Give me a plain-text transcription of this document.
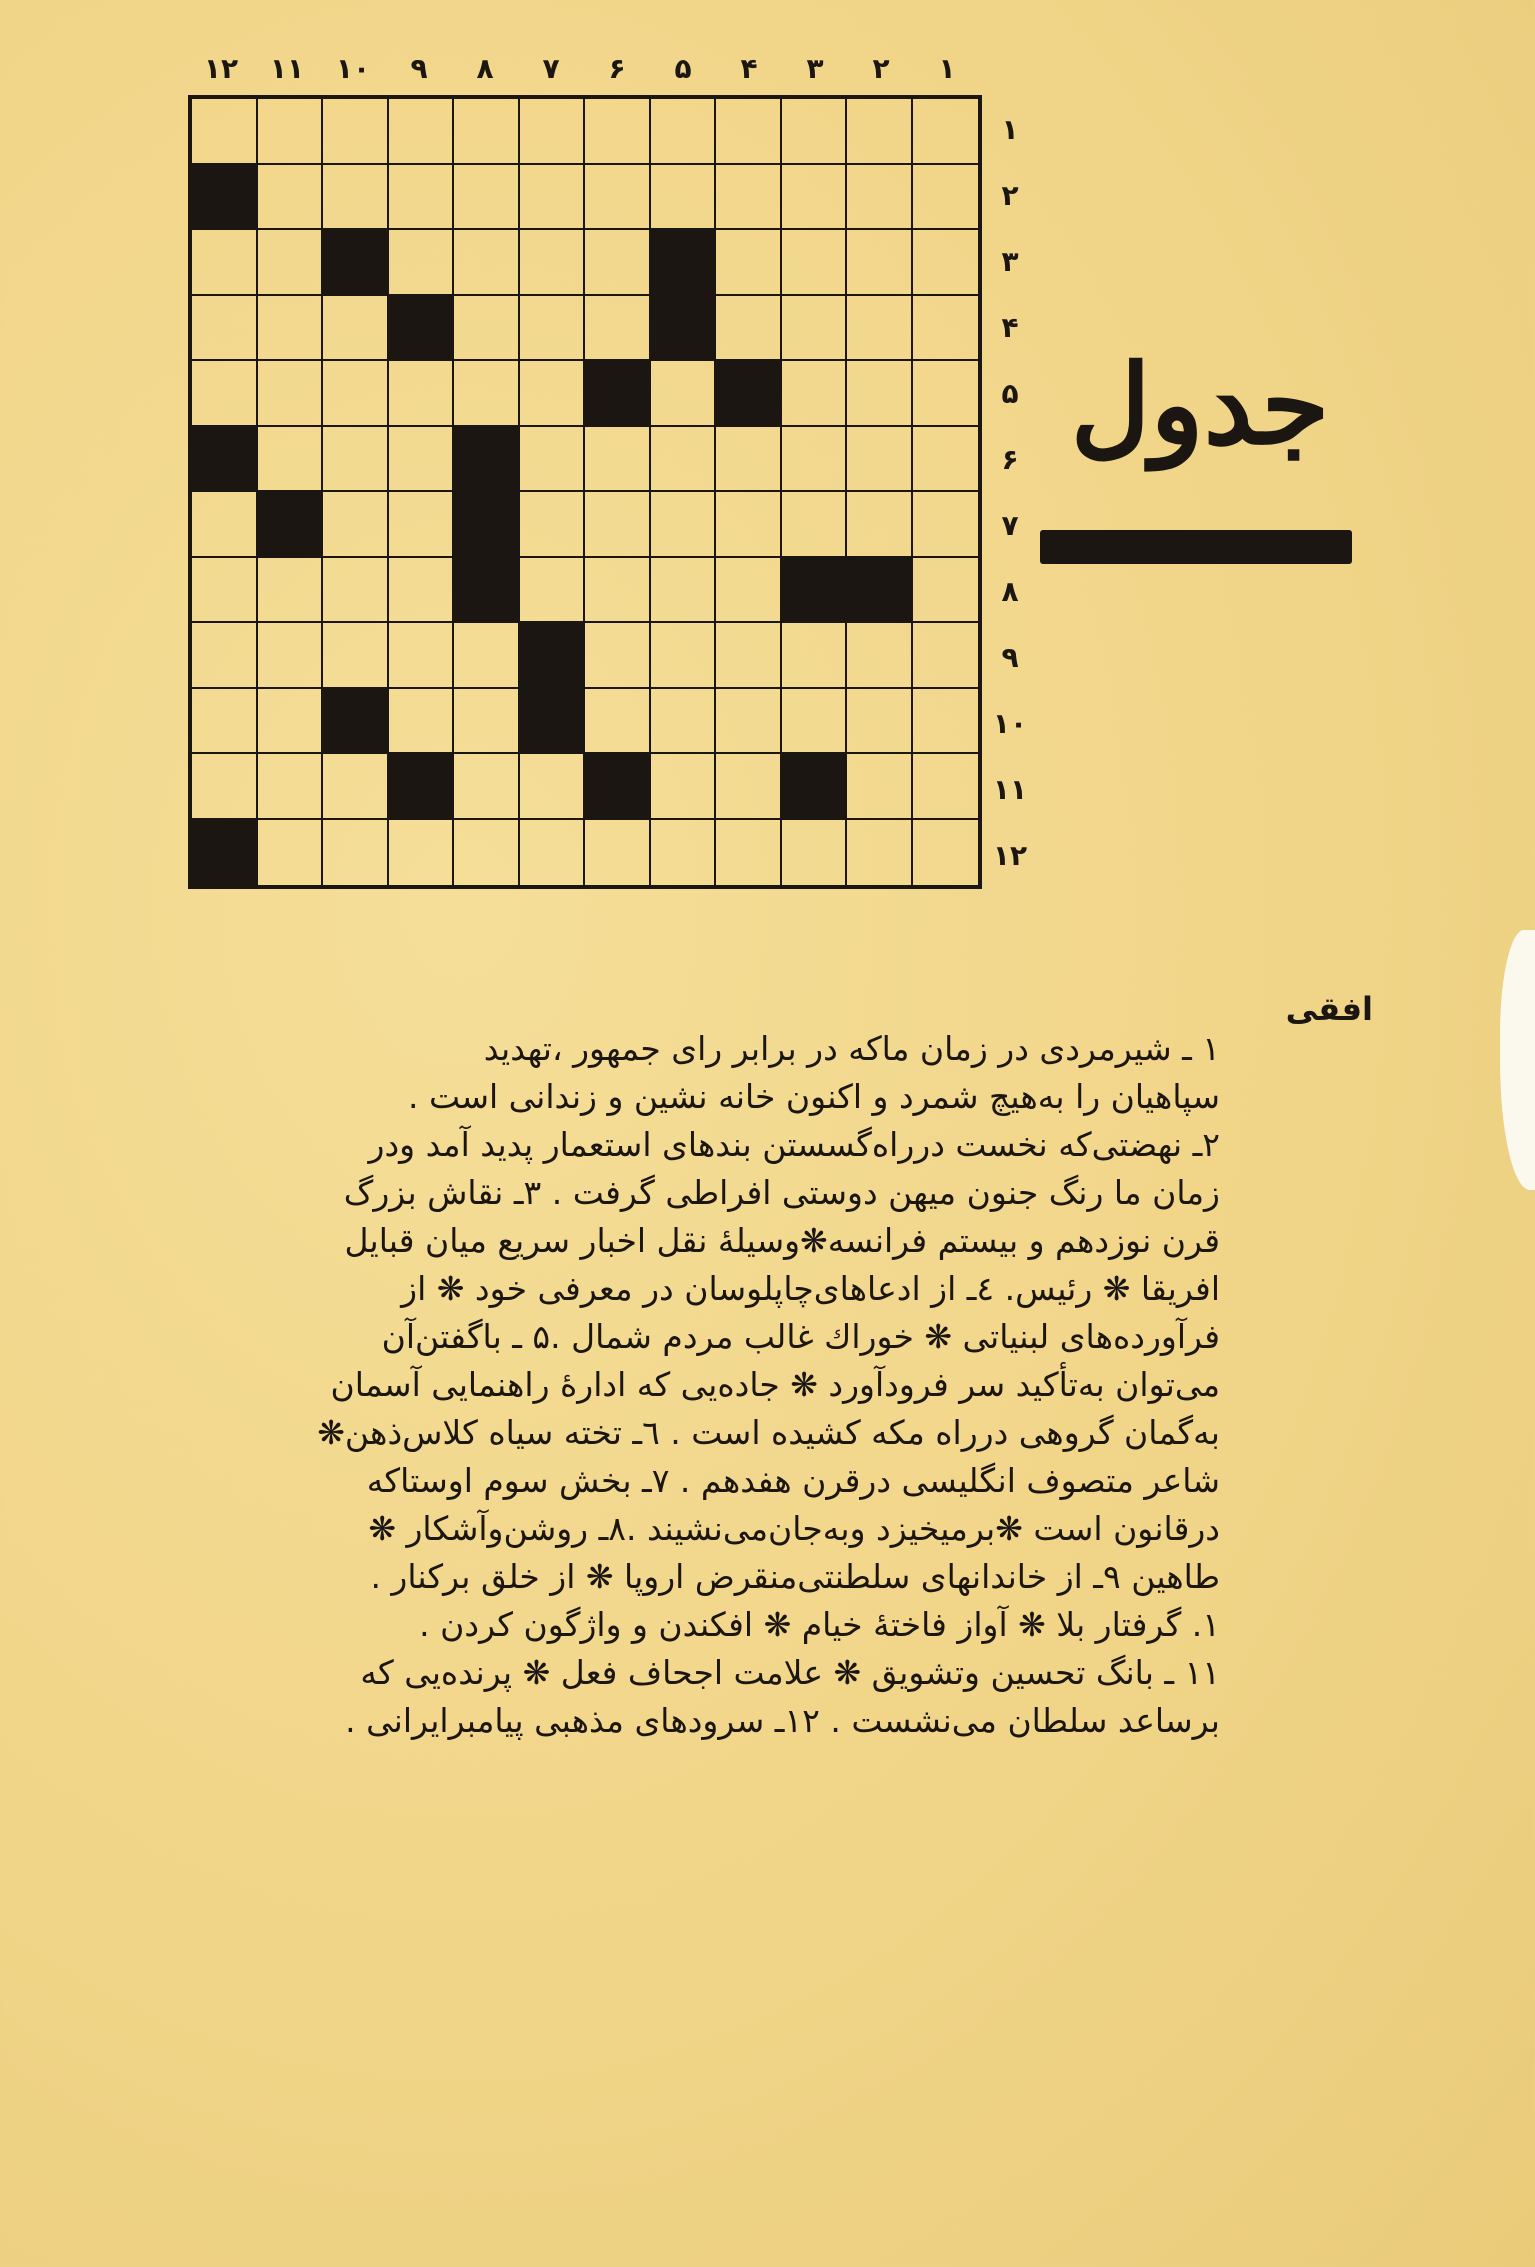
۱
۲
۳
۴
۵
۶
۷
۸
۹
۱۰
۱۱
۱۲
۱
۲
۳
۴
۵
۶
۷
۸
۹
۱۰
۱۱
۱۲
جدول
افقی
۱ ـ شیرمردی در زمان ماکه در برابر رای جمهور ،تهدید
سپاهیان را به‌هیچ شمرد و اکنون خانه نشین و زندانی است .
۲ـ نهضتی‌که نخست درراه‌گسستن بندهای استعمار پدید آمد ودر
زمان ما رنگ جنون میهن دوستی افراطی گرفت . ۳ـ نقاش بزرگ
قرن نوزدهم و بیستم فرانسه❋وسیلهٔ نقل اخبار سریع میان قبایل
افریقا ❋ رئیس. ٤ـ از ادعاهای‌چاپلوسان در معرفی خود ❋ از
فرآورده‌های لبنیاتی ❋ خوراك غالب مردم شمال .۵ ـ باگفتن‌آن
می‌توان به‌تأکید سر فرودآورد ❋ جاده‌یی که ادارهٔ راهنمایی آسمان
به‌گمان گروهی درراه مکه کشیده است . ٦ـ تخته سیاه کلاس‌ذهن❋
شاعر متصوف انگلیسی درقرن هفدهم . ۷ـ بخش سوم اوستاکه
درقانون است ❋برمیخیزد وبه‌جان‌می‌نشیند .۸ـ روشن‌وآشکار ❋
طاهین ۹ـ از خاندانهای سلطنتی‌منقرض اروپا ❋ از خلق برکنار .
۱. گرفتار بلا ❋ آواز فاختهٔ خیام ❋ افکندن و واژگون کردن .
۱۱ ـ بانگ تحسین وتشویق ❋ علامت اجحاف فعل ❋ پرنده‌یی که
برساعد سلطان می‌نشست . ۱۲ـ سرودهای مذهبی پیامبرایرانی .
